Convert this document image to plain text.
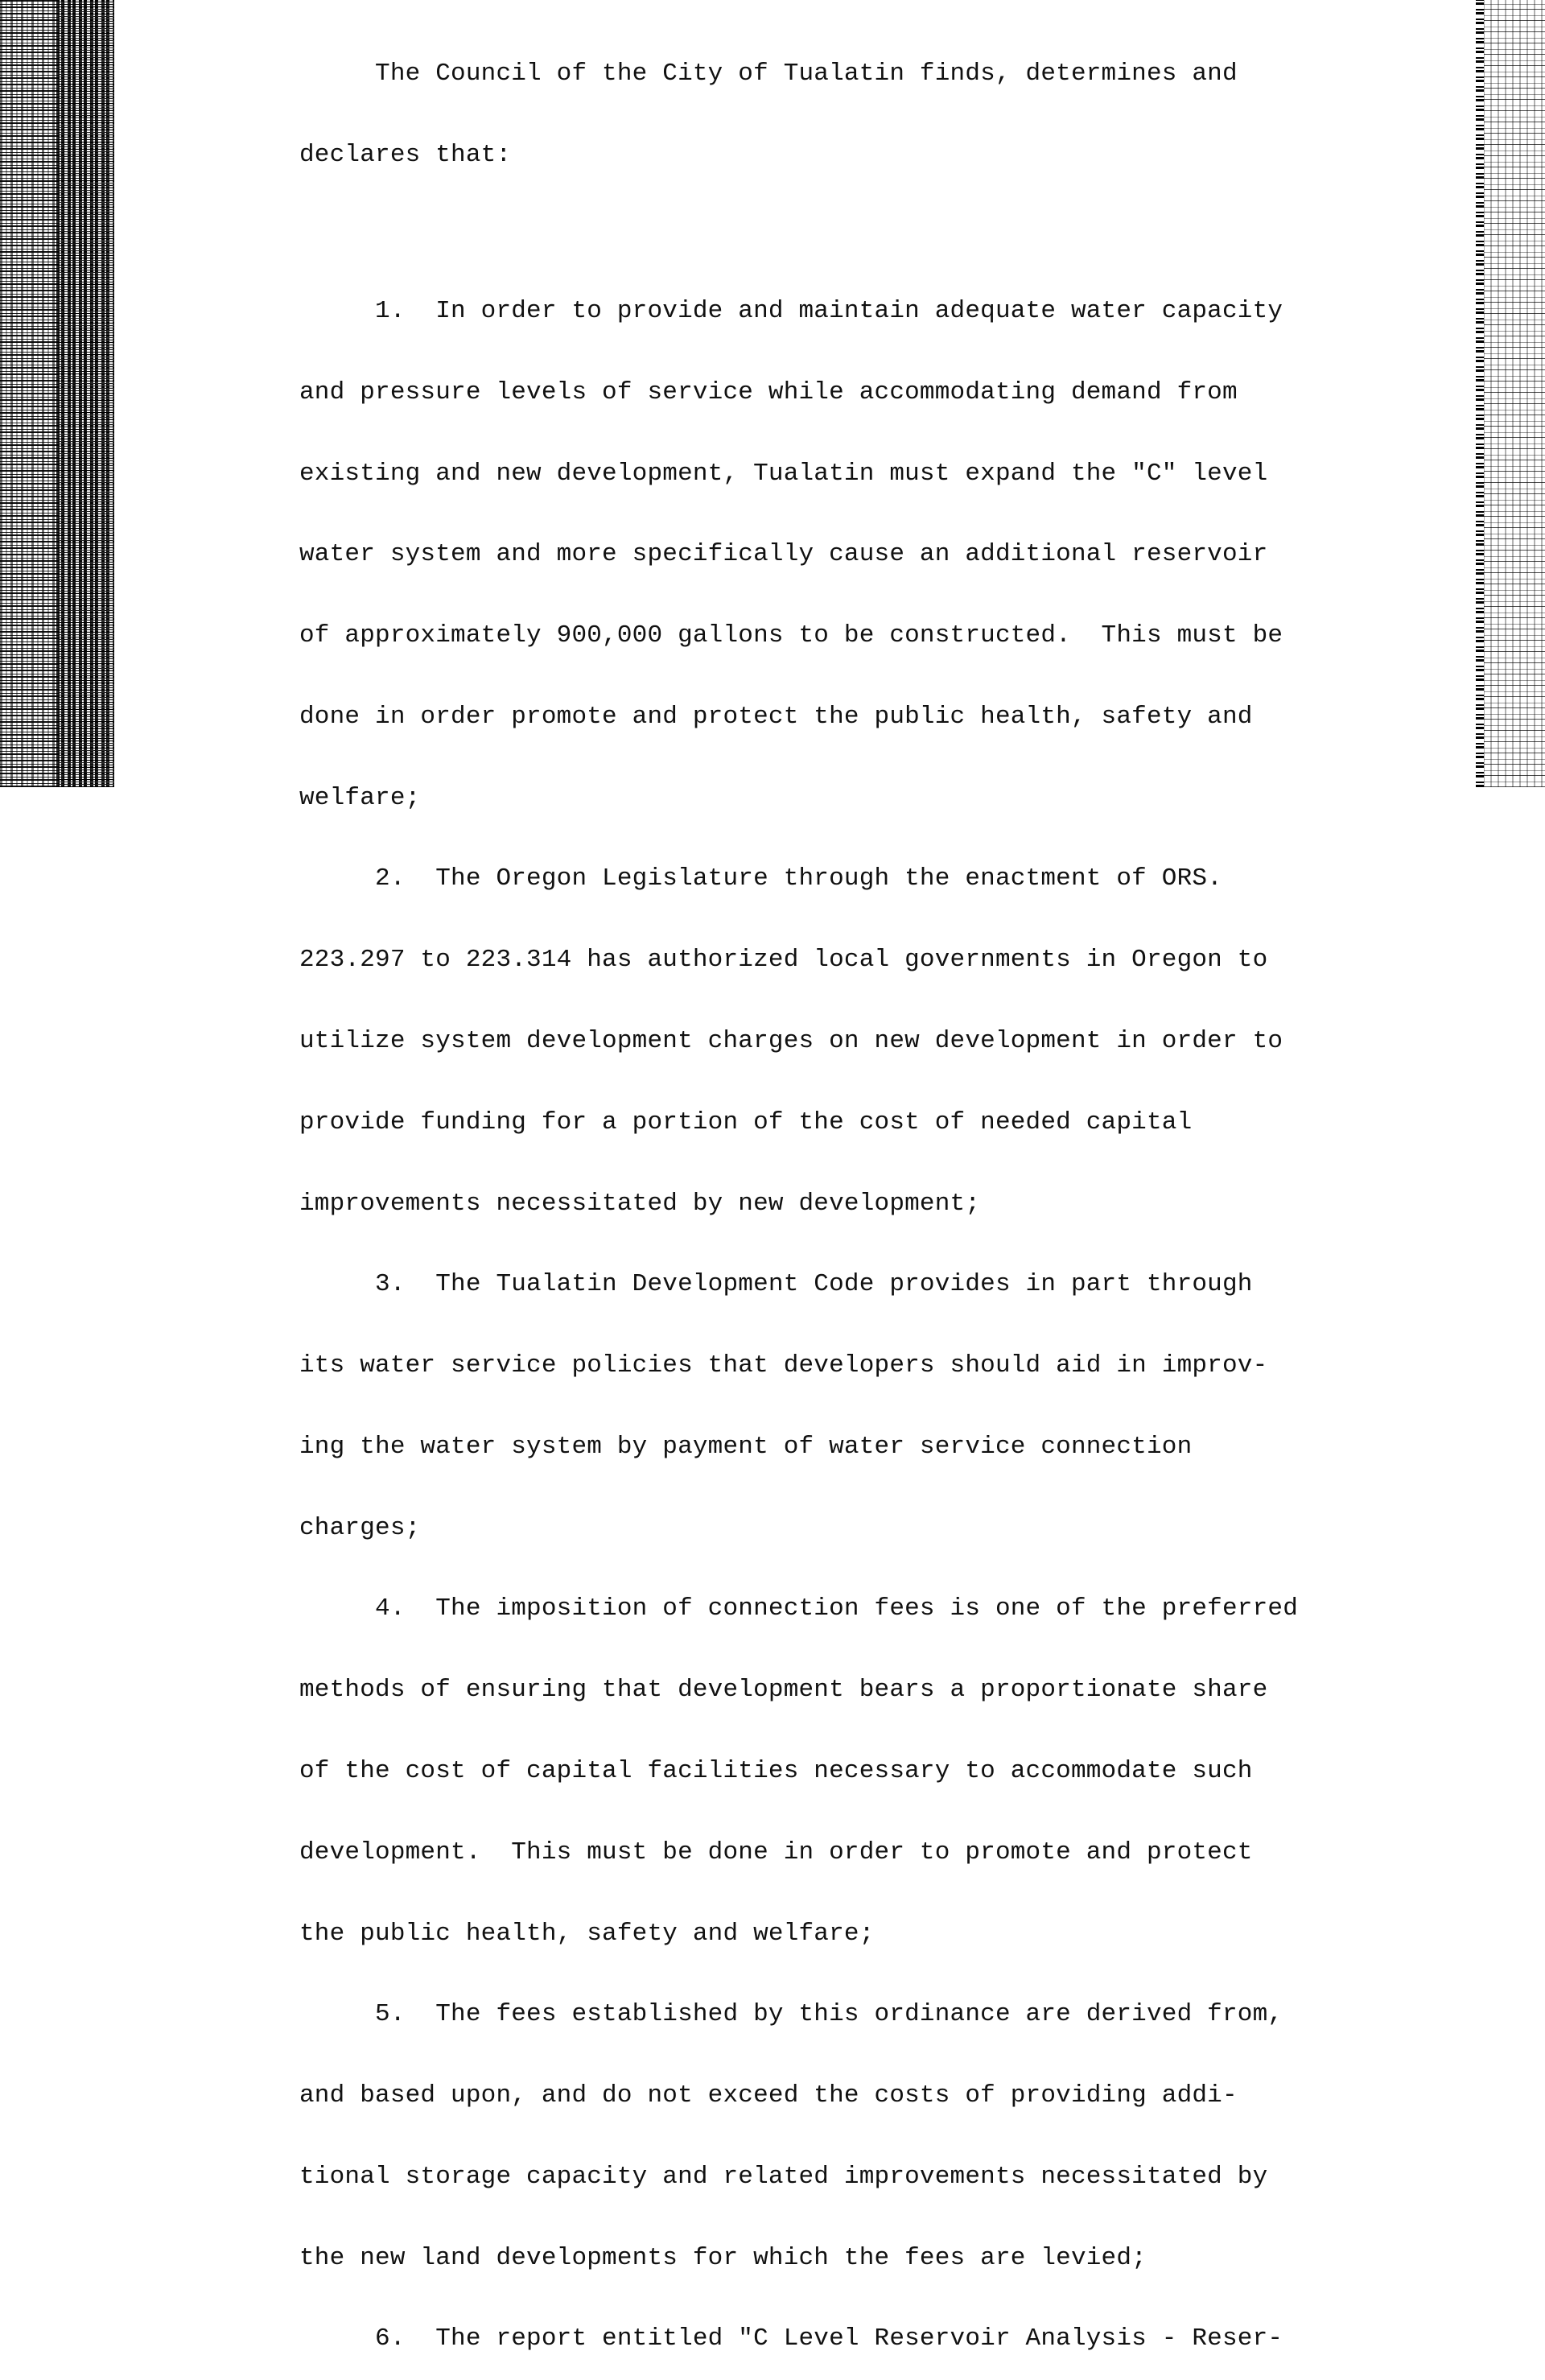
The Council of the City of Tualatin finds, determines and

declares that:

1.  In order to provide and maintain adequate water capacity

and pressure levels of service while accommodating demand from

existing and new development, Tualatin must expand the "C" level

water system and more specifically cause an additional reservoir

of approximately 900,000 gallons to be constructed.  This must be

done in order promote and protect the public health, safety and

welfare;

2.  The Oregon Legislature through the enactment of ORS.

223.297 to 223.314 has authorized local governments in Oregon to

utilize system development charges on new development in order to

provide funding for a portion of the cost of needed capital

improvements necessitated by new development;

3.  The Tualatin Development Code provides in part through

its water service policies that developers should aid in improv-

ing the water system by payment of water service connection

charges;

4.  The imposition of connection fees is one of the preferred

methods of ensuring that development bears a proportionate share

of the cost of capital facilities necessary to accommodate such

development.  This must be done in order to promote and protect

the public health, safety and welfare;

5.  The fees established by this ordinance are derived from,

and based upon, and do not exceed the costs of providing addi-

tional storage capacity and related improvements necessitated by

the new land developments for which the fees are levied;

6.  The report entitled "C Level Reservoir Analysis - Reser-
